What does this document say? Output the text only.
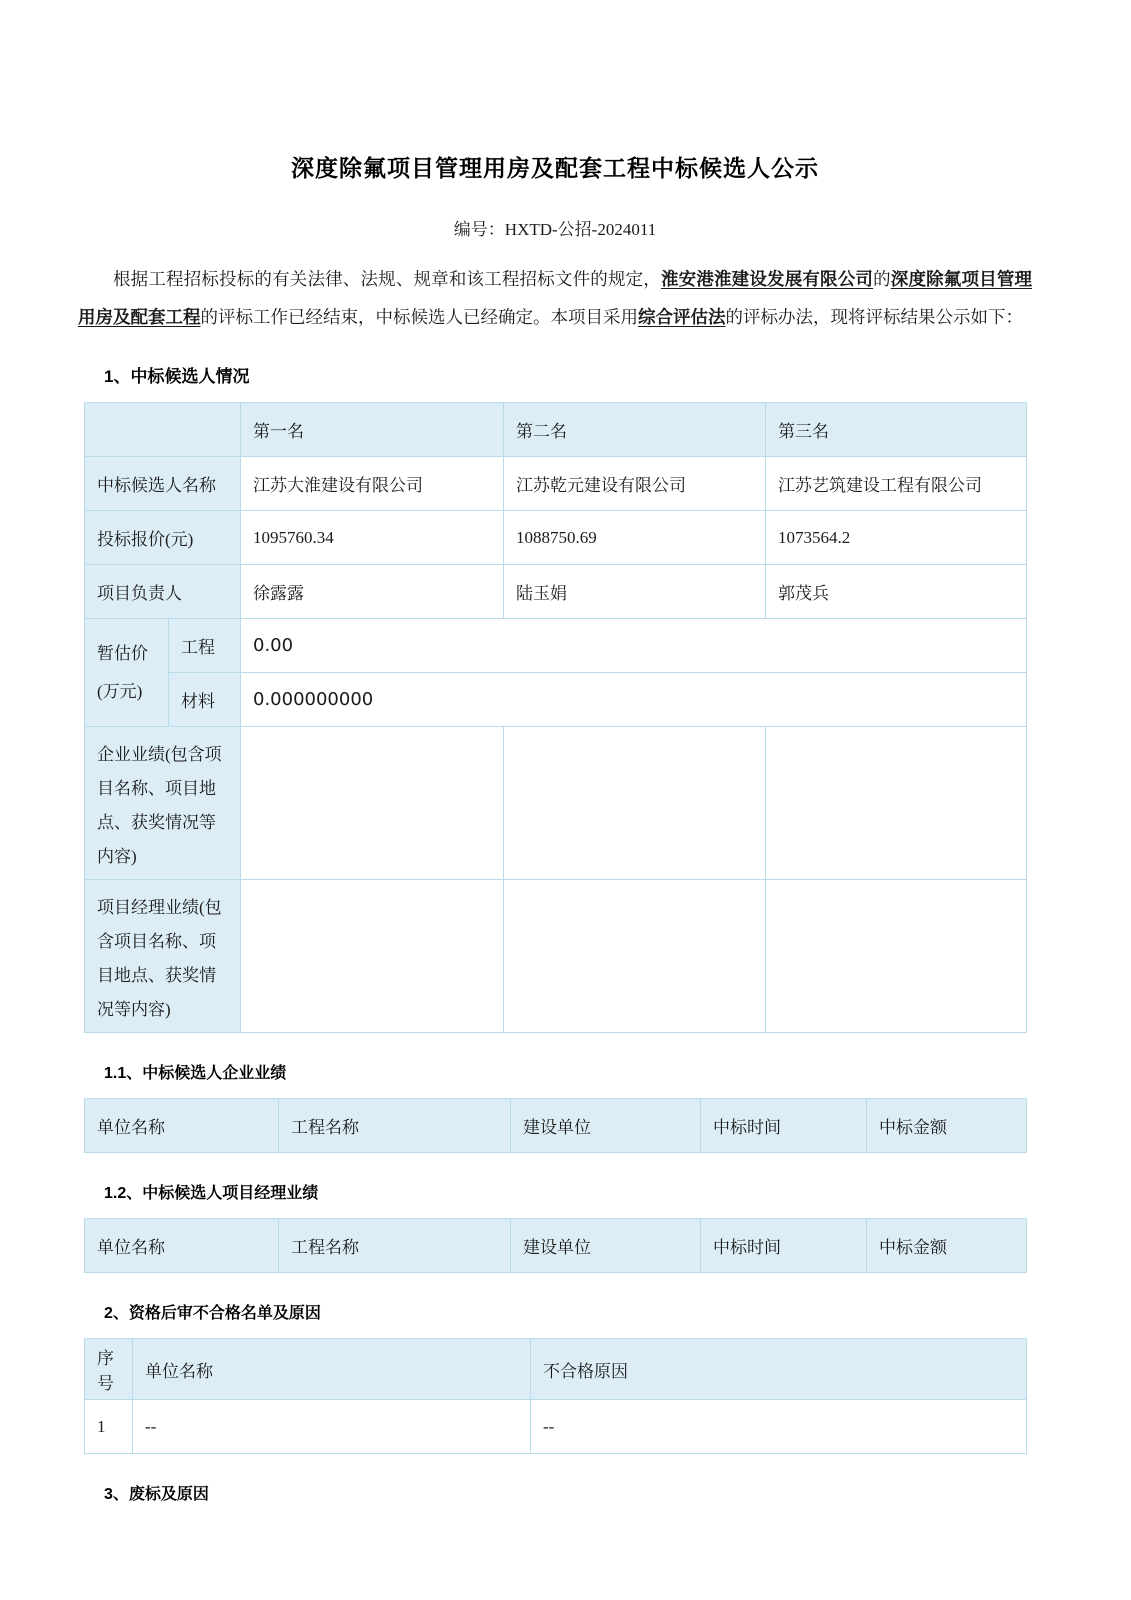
深度除氟项目管理用房及配套工程中标候选人公示
编号：HXTD-公招-2024011

根据工程招标投标的有关法律、法规、规章和该工程招标文件的规定，淮安港淮建设发展有限公司的深度除氟项目管理用房及配套工程的评标工作已经结束，中标候选人已经确定。本项目采用综合评估法的评标办法，现将评标结果公示如下：

1、中标候选人情况
		第一名	第二名	第三名
中标候选人名称		江苏大淮建设有限公司	江苏乾元建设有限公司	江苏艺筑建设工程有限公司
投标报价(元)		1095760.34	1088750.69	1073564.2
项目负责人		徐露露	陆玉娟	郭茂兵
暂估价(万元)	工程	0.00		
	材料	0.000000000		
企业业绩(包含项目名称、项目地点、获奖情况等内容)				
项目经理业绩(包含项目名称、项目地点、获奖情况等内容)				
1.1、中标候选人企业业绩
单位名称	工程名称	建设单位	中标时间	中标金额
1.2、中标候选人项目经理业绩
单位名称	工程名称	建设单位	中标时间	中标金额
2、资格后审不合格名单及原因
序号	单位名称	不合格原因
1	--	--
3、废标及原因
